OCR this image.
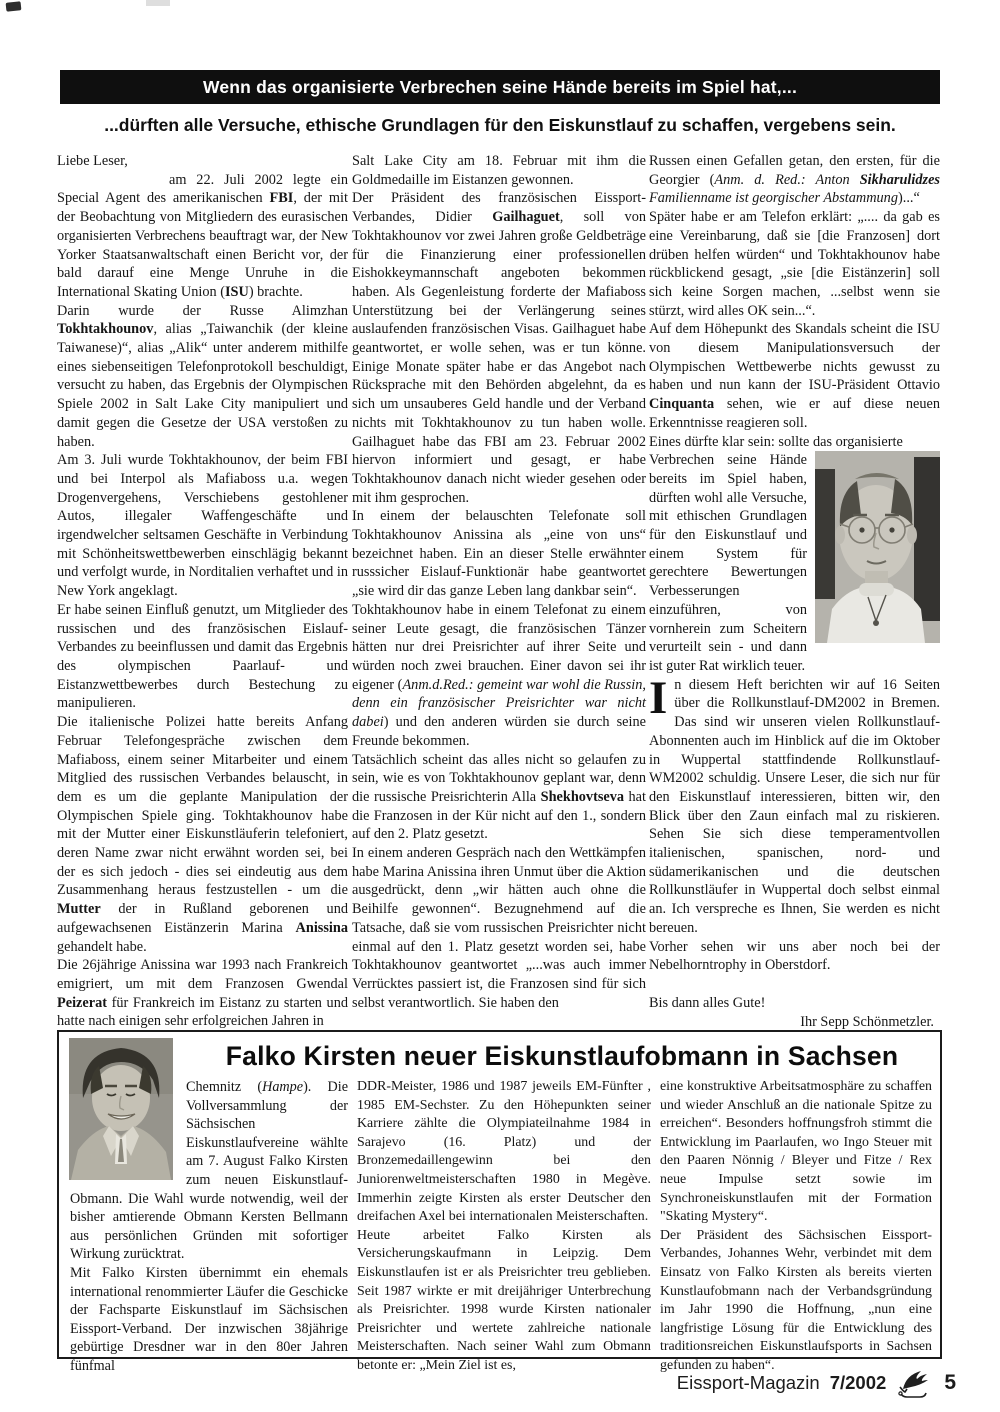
Wenn das organisierte Verbrechen seine Hände bereits im Spiel hat,...
...dürften alle Versuche, ethische Grundlagen für den Eiskunstlauf zu schaffen, vergebens sein.

Liebe Leser,

am 22. Juli 2002 legte ein Special Agent des amerikanischen FBI, der mit der Beobachtung von Mitgliedern des eurasischen organisierten Verbrechens beauftragt war, der New Yorker Staatsanwaltschaft einen Bericht vor, der bald darauf eine Menge Unruhe in die International Skating Union (ISU) brachte.

Darin wurde der Russe Alimzhan Tokhtakhounov, alias „Taiwanchik (der kleine Taiwanese)“, alias „Alik“ unter anderem mithilfe eines siebenseitigen Telefonprotokoll beschuldigt, versucht zu haben, das Ergebnis der Olympischen Spiele 2002 in Salt Lake City manipuliert und damit gegen die Gesetze der USA verstoßen zu haben.

Am 3. Juli wurde Tokhtakhounov, der beim FBI und bei Interpol als Mafiaboss u.a. wegen Drogenvergehens, Verschiebens gestohlener Autos, illegaler Waffengeschäfte und irgendwelcher seltsamen Geschäfte in Verbindung mit Schönheitswettbewerben einschlägig bekannt und verfolgt wurde, in Norditalien verhaftet und in New York angeklagt.

Er habe seinen Einfluß genutzt, um Mitglieder des russischen und des französischen Eislauf-Verbandes zu beeinflussen und damit das Ergebnis des olympischen Paarlauf- und Eistanzwettbewerbes durch Bestechung zu manipulieren.

Die italienische Polizei hatte bereits Anfang Februar Telefongespräche zwischen dem Mafiaboss, einem seiner Mitarbeiter und einem Mitglied des russischen Verbandes belauscht, in dem es um die geplante Manipulation der Olympischen Spiele ging. Tokhtakhounov habe mit der Mutter einer Eiskunstläuferin telefoniert, deren Name zwar nicht erwähnt worden sei, bei der es sich jedoch - dies sei eindeutig aus dem Zusammenhang heraus festzustellen - um die Mutter der in Rußland geborenen und aufgewachsenen Eistänzerin Marina Anissina gehandelt habe.

Die 26jährige Anissina war 1993 nach Frankreich emigriert, um mit dem Franzosen Gwendal Peizerat für Frankreich im Eistanz zu starten und hatte nach einigen sehr erfolgreichen Jahren in

Salt Lake City am 18. Februar mit ihm die Goldmedaille im Eistanzen gewonnen.

Der Präsident des französischen Eissport-Verbandes, Didier Gailhaguet, soll von Tokhtakhounov vor zwei Jahren große Geldbeträge für die Finanzierung einer professionellen Eishokkeymannschaft angeboten bekommen haben. Als Gegenleistung forderte der Mafiaboss Unterstützung bei der Verlängerung seines auslaufenden französischen Visas. Gailhaguet habe geantwortet, er wolle sehen, was er tun könne. Einige Monate später habe er das Angebot nach Rücksprache mit den Behörden abgelehnt, da es sich um unsauberes Geld handle und der Verband nichts mit Tokhtakhounov zu tun haben wolle. Gailhaguet habe das FBI am 23. Februar 2002 hiervon informiert und gesagt, er habe Tokhtakhounov danach nicht wieder gesehen oder mit ihm gesprochen.

In einem der belauschten Telefonate soll Tokhtakhounov Anissina als „eine von uns“ bezeichnet haben. Ein an dieser Stelle erwähnter russsicher Eislauf-Funktionär habe geantwortet „sie wird dir das ganze Leben lang dankbar sein“.

Tokhtakhounov habe in einem Telefonat zu einem seiner Leute gesagt, die französischen Tänzer hätten nur drei Preisrichter auf ihrer Seite und würden noch zwei brauchen. Einer davon sei ihr eigener (Anm.d.Red.: gemeint war wohl die Russin, denn ein französischer Preisrichter war nicht dabei) und den anderen würden sie durch seine Freunde bekommen.

Tatsächlich scheint das alles nicht so gelaufen zu sein, wie es von Tokhtakhounov geplant war, denn die russische Preisrichterin Alla Shekhovtseva hat die Franzosen in der Kür nicht auf den 1., sondern auf den 2. Platz gesetzt.

In einem anderen Gespräch nach den Wettkämpfen habe Marina Anissina ihren Unmut über die Aktion ausgedrückt, denn „wir hätten auch ohne die Beihilfe gewonnen“. Bezugnehmend auf die Tatsache, daß sie vom russischen Preisrichter nicht einmal auf den 1. Platz gesetzt worden sei, habe Tokhtakhounov geantwortet „...was auch immer Verrücktes passiert ist, die Franzosen sind für sich selbst verantwortlich. Sie haben den

Russen einen Gefallen getan, den ersten, für die Georgier (Anm. d. Red.: Anton Sikharulidzes Familienname ist georgischer Abstammung)...“

Später habe er am Telefon erklärt: „.... da gab es eine Vereinbarung, daß sie [die Franzosen] dort drüben helfen würden“ und Tokhtakhounov habe rückblickend gesagt, „sie [die Eistänzerin] soll sich keine Sorgen machen, ...selbst wenn sie stürzt, wird alles OK sein...“.

Auf dem Höhepunkt des Skandals scheint die ISU von diesem Manipulationsversuch der Olympischen Wettbewerbe nichts gewusst zu haben und nun kann der ISU-Präsident Ottavio Cinquanta sehen, wie er auf diese neuen Erkenntnisse reagieren soll.

Eines dürfte klar sein: sollte das organisierte

Verbrechen seine Hände bereits im Spiel haben, dürften wohl alle Versuche, mit ethischen Grundlagen für den Eiskunstlauf und einem System für gerechtere Bewertungen Verbesserungen einzuführen, von vornherein zum Scheitern verurteilt sein - und dann ist guter Rat wirklich teuer.

In diesem Heft berichten wir auf 16 Seiten über die Rollkunstlauf-DM2002 in Bremen. Das sind wir unseren vielen Rollkunstlauf-Abonnenten auch im Hinblick auf die im Oktober in Wuppertal stattfindende Rollkunstlauf-WM2002 schuldig. Unsere Leser, die sich nur für den Eiskunstlauf interessieren, bitten wir, den Blick über den Zaun einfach mal zu riskieren. Sehen Sie sich diese temperamentvollen italienischen, spanischen, nord- und südamerikanischen und die deutschen Rollkunstläufer in Wuppertal doch selbst einmal an. Ich verspreche es Ihnen, Sie werden es nicht bereuen.

Vorher sehen wir uns aber noch bei der Nebelhorntrophy in Oberstdorf.

Bis dann alles Gute!

Ihr Sepp Schönmetzler.

Falko Kirsten neuer Eiskunstlaufobmann in Sachsen

Chemnitz (Hampe). Die Vollversammlung der Sächsischen Eiskunstlaufvereine wählte am 7. August Falko Kirsten zum neuen Eiskunstlauf-Obmann. Die Wahl wurde notwendig, weil der bisher amtierende Obmann Kersten Bellmann aus persönlichen Gründen mit sofortiger Wirkung zurücktrat.

Mit Falko Kirsten übernimmt ein ehemals international renommierter Läufer die Geschicke der Fachsparte Eiskunstlauf im Sächsischen Eissport-Verband. Der inzwischen 38jährige gebürtige Dresdner war in den 80er Jahren fünfmal

DDR-Meister, 1986 und 1987 jeweils EM-Fünfter , 1985 EM-Sechster. Zu den Höhepunkten seiner Karriere zählte die Olympiateilnahme 1984 in Sarajevo (16. Platz) und der Bronzemedaillengewinn bei den Juniorenweltmeisterschaften 1980 in Megève. Immerhin zeigte Kirsten als erster Deutscher den dreifachen Axel bei internationalen Meisterschaften.

Heute arbeitet Falko Kirsten als Versicherungskaufmann in Leipzig. Dem Eiskunstlaufen ist er als Preisrichter treu geblieben. Seit 1987 wirkte er mit dreijähriger Unterbrechung als Preisrichter. 1998 wurde Kirsten nationaler Preisrichter und wertete zahlreiche nationale Meisterschaften. Nach seiner Wahl zum Obmann betonte er: „Mein Ziel ist es,

eine konstruktive Arbeitsatmosphäre zu schaffen und wieder Anschluß an die nationale Spitze zu erreichen“. Besonders hoffnungsfroh stimmt die Entwicklung im Paarlaufen, wo Ingo Steuer mit den Paaren Nönnig / Bleyer und Fitze / Rex neue Impulse setzt sowie im Synchroneiskunstlaufen mit der Formation "Skating Mystery“.

Der Präsident des Sächsischen Eissport-Verbandes, Johannes Wehr, verbindet mit dem Einsatz von Falko Kirsten als bereits vierten Kunstlaufobmann nach der Verbandsgründung im Jahr 1990 die Hoffnung, „nun eine langfristige Lösung für die Entwicklung des traditionsreichen Eiskunstlaufsports in Sachsen gefunden zu haben“.

Eissport-Magazin 7/2002	5
